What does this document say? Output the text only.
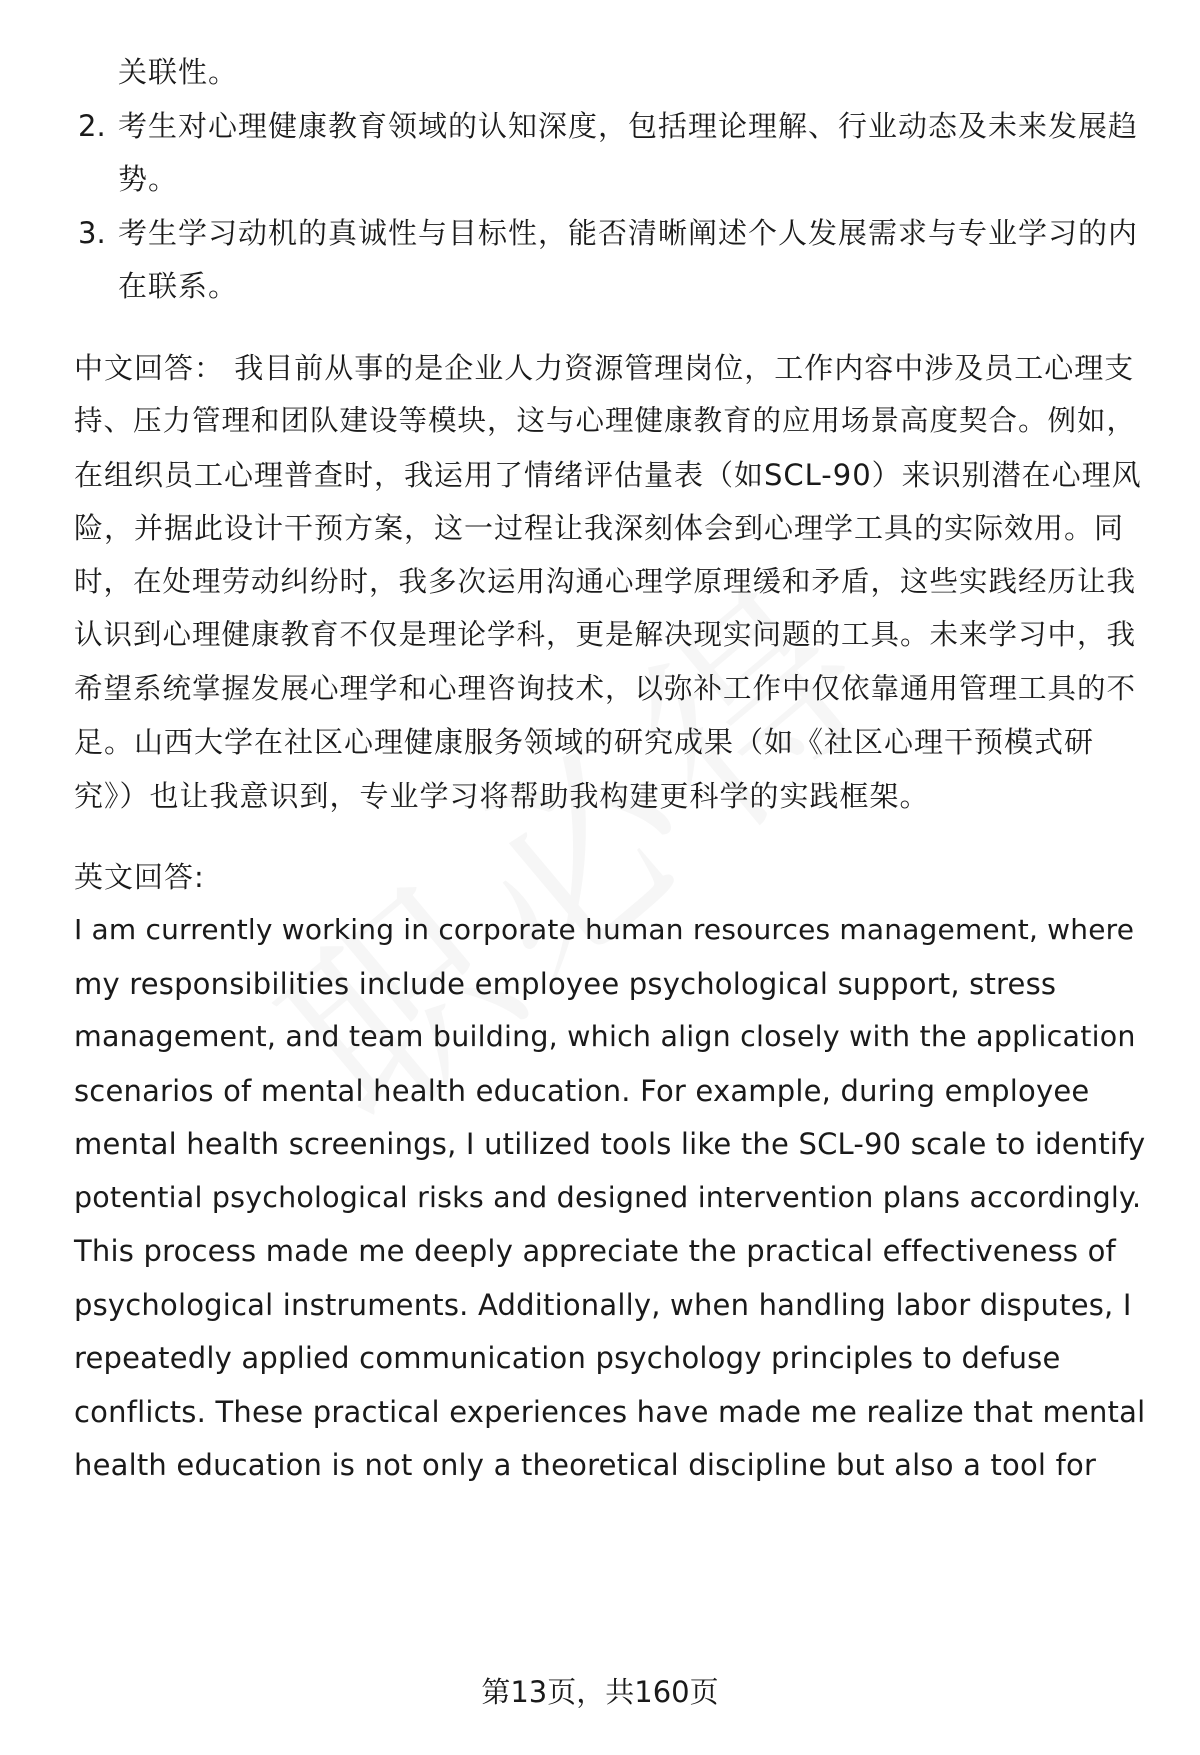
关联性。
2. 考生对心理健康教育领域的认知深度，包括理论理解、行业动态及未来发展趋
势。
3. 考生学习动机的真诚性与目标性，能否清晰阐述个人发展需求与专业学习的内
在联系。
中文回答： 我目前从事的是企业人力资源管理岗位，工作内容中涉及员工心理支
持、压力管理和团队建设等模块，这与心理健康教育的应用场景高度契合。例如，
在组织员工心理普查时，我运用了情绪评估量表（如SCL-90）来识别潜在心理风
险，并据此设计干预方案，这一过程让我深刻体会到心理学工具的实际效用。同
时，在处理劳动纠纷时，我多次运用沟通心理学原理缓和矛盾，这些实践经历让我
认识到心理健康教育不仅是理论学科，更是解决现实问题的工具。未来学习中，我
希望系统掌握发展心理学和心理咨询技术，以弥补工作中仅依靠通用管理工具的不
足。山西大学在社区心理健康服务领域的研究成果（如《社区心理干预模式研
究》）也让我意识到，专业学习将帮助我构建更科学的实践框架。
英文回答:
I am currently working in corporate human resources management, where
my responsibilities include employee psychological support, stress
management, and team building, which align closely with the application
scenarios of mental health education. For example, during employee
mental health screenings, I utilized tools like the SCL-90 scale to identify
potential psychological risks and designed intervention plans accordingly.
This process made me deeply appreciate the practical effectiveness of
psychological instruments. Additionally, when handling labor disputes, I
repeatedly applied communication psychology principles to defuse
conflicts. These practical experiences have made me realize that mental
health education is not only a theoretical discipline but also a tool for
第13页，共160页
